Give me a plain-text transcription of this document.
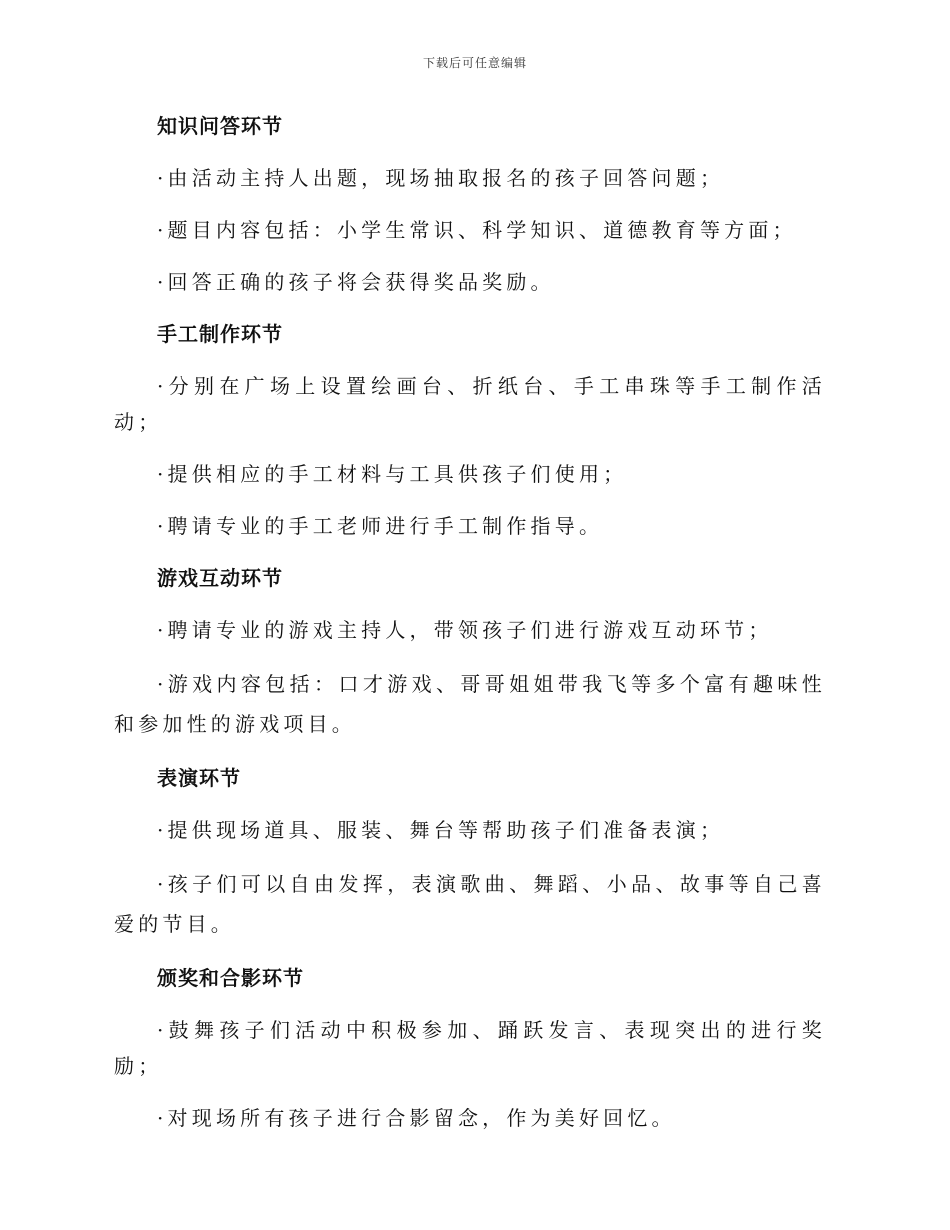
下载后可任意编辑
知识问答环节

·由活动主持人出题，现场抽取报名的孩子回答问题；

·题目内容包括：小学生常识、科学知识、道德教育等方面；

·回答正确的孩子将会获得奖品奖励。

手工制作环节

·分别在广场上设置绘画台、折纸台、手工串珠等手工制作活动；

·提供相应的手工材料与工具供孩子们使用；

·聘请专业的手工老师进行手工制作指导。

游戏互动环节

·聘请专业的游戏主持人，带领孩子们进行游戏互动环节；

·游戏内容包括：口才游戏、哥哥姐姐带我飞等多个富有趣味性和参加性的游戏项目。

表演环节

·提供现场道具、服装、舞台等帮助孩子们准备表演；

·孩子们可以自由发挥，表演歌曲、舞蹈、小品、故事等自己喜爱的节目。

颁奖和合影环节

·鼓舞孩子们活动中积极参加、踊跃发言、表现突出的进行奖励；

·对现场所有孩子进行合影留念，作为美好回忆。
